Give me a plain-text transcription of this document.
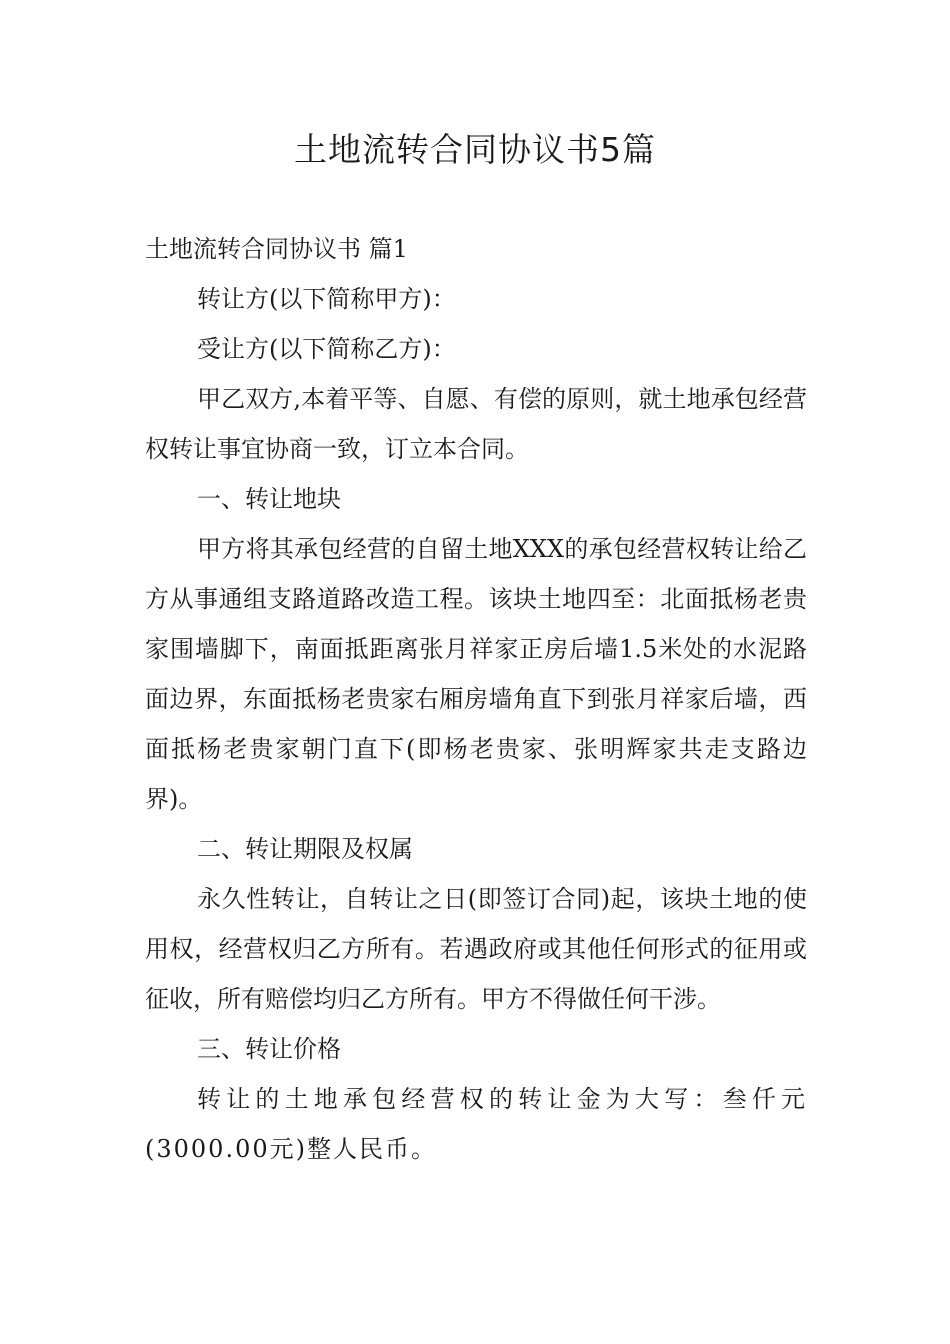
土地流转合同协议书5篇

土地流转合同协议书 篇1

转让方(以下简称甲方)：

受让方(以下简称乙方)：

甲乙双方,本着平等、自愿、有偿的原则，就土地承包经营权转让事宜协商一致，订立本合同。

一、转让地块

甲方将其承包经营的自留土地XXX的承包经营权转让给乙方从事通组支路道路改造工程。该块土地四至：北面抵杨老贵家围墙脚下，南面抵距离张月祥家正房后墙1.5米处的水泥路面边界，东面抵杨老贵家右厢房墙角直下到张月祥家后墙，西面抵杨老贵家朝门直下(即杨老贵家、张明辉家共走支路边界)。

二、转让期限及权属

永久性转让，自转让之日(即签订合同)起，该块土地的使用权，经营权归乙方所有。若遇政府或其他任何形式的征用或征收，所有赔偿均归乙方所有。甲方不得做任何干涉。

三、转让价格

转让的土地承包经营权的转让金为大写：叁仟元(3000.00元)整人民币。
